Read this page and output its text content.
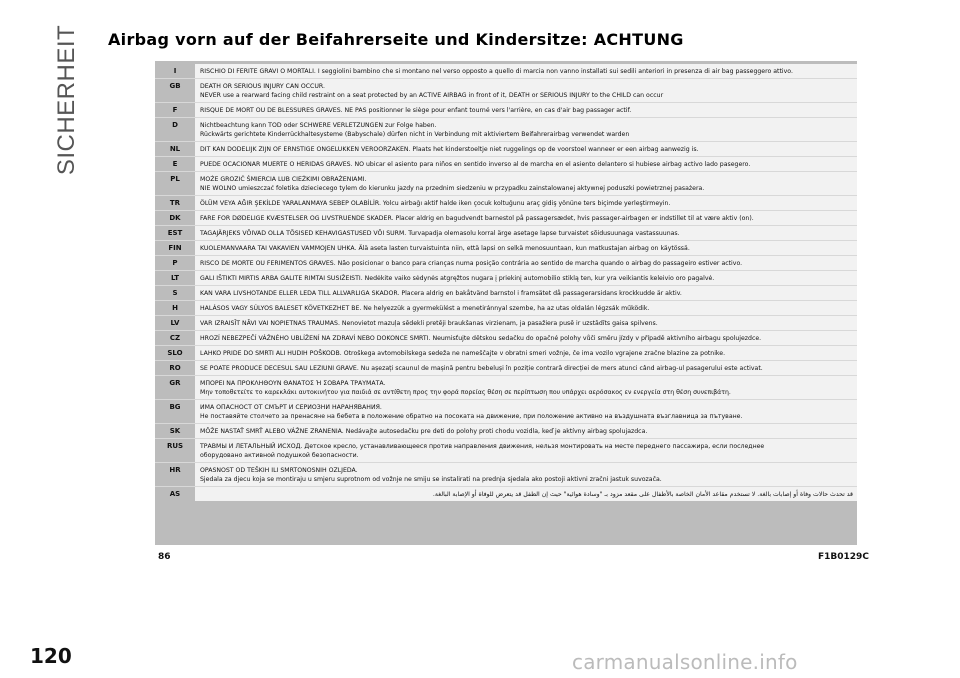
SICHERHEIT Airbag vorn auf der Beifahrerseite und Kindersitze: ACHTUNG
I	RISCHIO DI FERITE GRAVI O MORTALI. I seggiolini bambino che si montano nel verso opposto a quello di marcia non vanno installati sui sedili anteriori in presenza di air bag passeggero attivo.
GB	DEATH OR SERIOUS INJURY CAN OCCUR.
NEVER use a rearward facing child restraint on a seat protected by an ACTIVE AIRBAG in front of it, DEATH or SERIOUS INJURY to the CHILD can occur
F	RISQUE DE MORT OU DE BLESSURES GRAVES. NE PAS positionner le siège pour enfant tourné vers l'arrière, en cas d'air bag passager actif.
D	Nichtbeachtung kann TOD oder SCHWERE VERLETZUNGEN zur Folge haben.
Rückwärts gerichtete Kinderrückhaltesysteme (Babyschale) dürfen nicht in Verbindung mit aktiviertem Beifahrerairbag verwendet warden
NL	DIT KAN DODELIJK ZIJN OF ERNSTIGE ONGELUKKEN VEROORZAKEN. Plaats het kinderstoeltje niet ruggelings op de voorstoel wanneer er een airbag aanwezig is.
E	PUEDE OCACIONAR MUERTE O HERIDAS GRAVES. NO ubicar el asiento para niños en sentido inverso al de marcha en el asiento delantero si hubiese airbag activo lado pasegero.
PL	MOŻE GROZIĆ ŚMIERCIA LUB CIEŻKIMI OBRAŻENIAMI.
NIE WOLNO umieszczać foletika dzieciecego tylem do kierunku jazdy na przednim siedzeniu w przypadku zainstalowanej aktywnej poduszki powietrznej pasażera.
TR	ÖLÜM VEYA AĞIR ŞEKİLDE YARALANMAYA SEBEP OLABİLİR. Yolcu airbağı aktif halde iken çocuk koltuğunu araç gidiş yönüne ters biçimde yerleştirmeyin.
DK	FARE FOR DØDELIGE KVÆSTELSER OG LIVSTRUENDE SKADER. Placer aldrig en bagudvendt barnestol på passagersædet, hvis passager-airbagen er indstillet til at være aktiv (on).
EST	TAGAJÄRJEKS VÕIVAD OLLA TÕSISED KEHAVIGASTUSED VÕI SURM. Turvapadja olemasolu korral ärge asetage lapse turvaistet sõidusuunaga vastassuunas.
FIN	KUOLEMANVAARA TAI VAKAVIEN VAMMOJEN UHKA. Älä aseta lasten turvaistuinta niin, että lapsi on selkä menosuuntaan, kun matkustajan airbag on käytössä.
P	RISCO DE MORTE OU FERIMENTOS GRAVES. Não posicionar o banco para crianças numa posição contrária ao sentido de marcha quando o airbag do passageiro estiver activo.
LT	GALI IŠTIKTI MIRTIS ARBA GALITE RIMTAI SUSIŽEISTI. Nedėkite vaiko sėdynės atgręžtos nugara į priekinį automobilio stiklą ten, kur yra veikiantis keleivio oro pagalvė.
S	KAN VARA LIVSHOTANDE ELLER LEDA TILL ALLVARLIGA SKADOR. Placera aldrig en bakåtvänd barnstol i framsätet då passagerarsidans krockkudde är aktiv.
H	HALÁSOS VAGY SÚLYOS BALESET KÖVETKEZHET BE. Ne helyezzük a gyermekülést a menetiránnyal szembe, ha az utas oldalán légzsák működik.
LV	VAR IZRAISĪT NĀVI VAI NOPIETNAS TRAUMAS. Nenovietot mazuļa sēdekli pretēji braukšanas virzienam, ja pasažiera pusē ir uzstādīts gaisa spilvens.
CZ	HROZÍ NEBEZPEČÍ VÁŽNÉHO UBLÍŽENÍ NA ZDRAVÍ NEBO DOKONCE SMRTI. Neumisťujte dětskou sedačku do opačné polohy vůči směru jízdy v případě aktivního airbagu spolujezdce.
SLO	LAHKO PRIDE DO SMRTI ALI HUDIH POŠKODB. Otroškega avtomobilskega sedeža ne nameščajte v obratni smeri vožnje, če ima vozilo vgrajene zračne blazine za potnike.
RO	SE POATE PRODUCE DECESUL SAU LEZIUNI GRAVE. Nu așezați scaunul de mașină pentru bebeluși în poziție contrară direcției de mers atunci când airbag-ul pasagerului este activat.
GR	ΜΠΟΡΕΙ ΝΑ ΠΡΟΚΛΗΘΟΥΝ ΘΑΝΑΤΟΣ Ή ΣΟΒΑΡΑ ΤΡΑΥΜΑΤΑ.
Μην τοποθετείτε το καρεκλάκι αυτοκινήτου για παιδιά σε αντίθετη προς την φορά πορείας θέση σε περίπτωση που υπάρχει αερόσακος εν ενεργεία στη θέση συνεπιβάτη.
BG	ИМА ОПАСНОСТ ОТ СМЪРТ И СЕРИОЗНИ НАРАНЯВАНИЯ.
Не поставяйте столчето за пренасяне на бебета в положение обратно на посоката на движение, при положение активно на въздушната възглавница за пътуване.
SK	MÔŽE NASTAŤ SMRŤ ALEBO VÁŽNE ZRANENIA. Nedávajte autosedačku pre deti do polohy proti chodu vozidla, keď je aktívny airbag spolujazdca.
RUS	ТРАВМЫ И ЛЕТАЛЬНЫЙ ИСХОД. Детское кресло, устанавливающееся против направления движения, нельзя монтировать на месте переднего пассажира, если последнее
оборудовано активной подушкой безопасности.
HR	OPASNOST OD TEŠKIH ILI SMRTONOSNIH OZLJEDA.
Sjedala za djecu koja se montiraju u smjeru suprotnom od vožnje ne smiju se instalirati na prednja sjedala ako postoji aktivni zračni jastuk suvozača.
AS	قد تحدث حالات وفاة أو إصابات بالغة. لا تستخدم مقاعد الأمان الخاصة بالأطفال على مقعد مزود بـ "وسادة هوائية" حيث إن الطفل قد يتعرض للوفاة أو الإصابة البالغة.
86	F1B0129C
120	carmanualsonline.info
